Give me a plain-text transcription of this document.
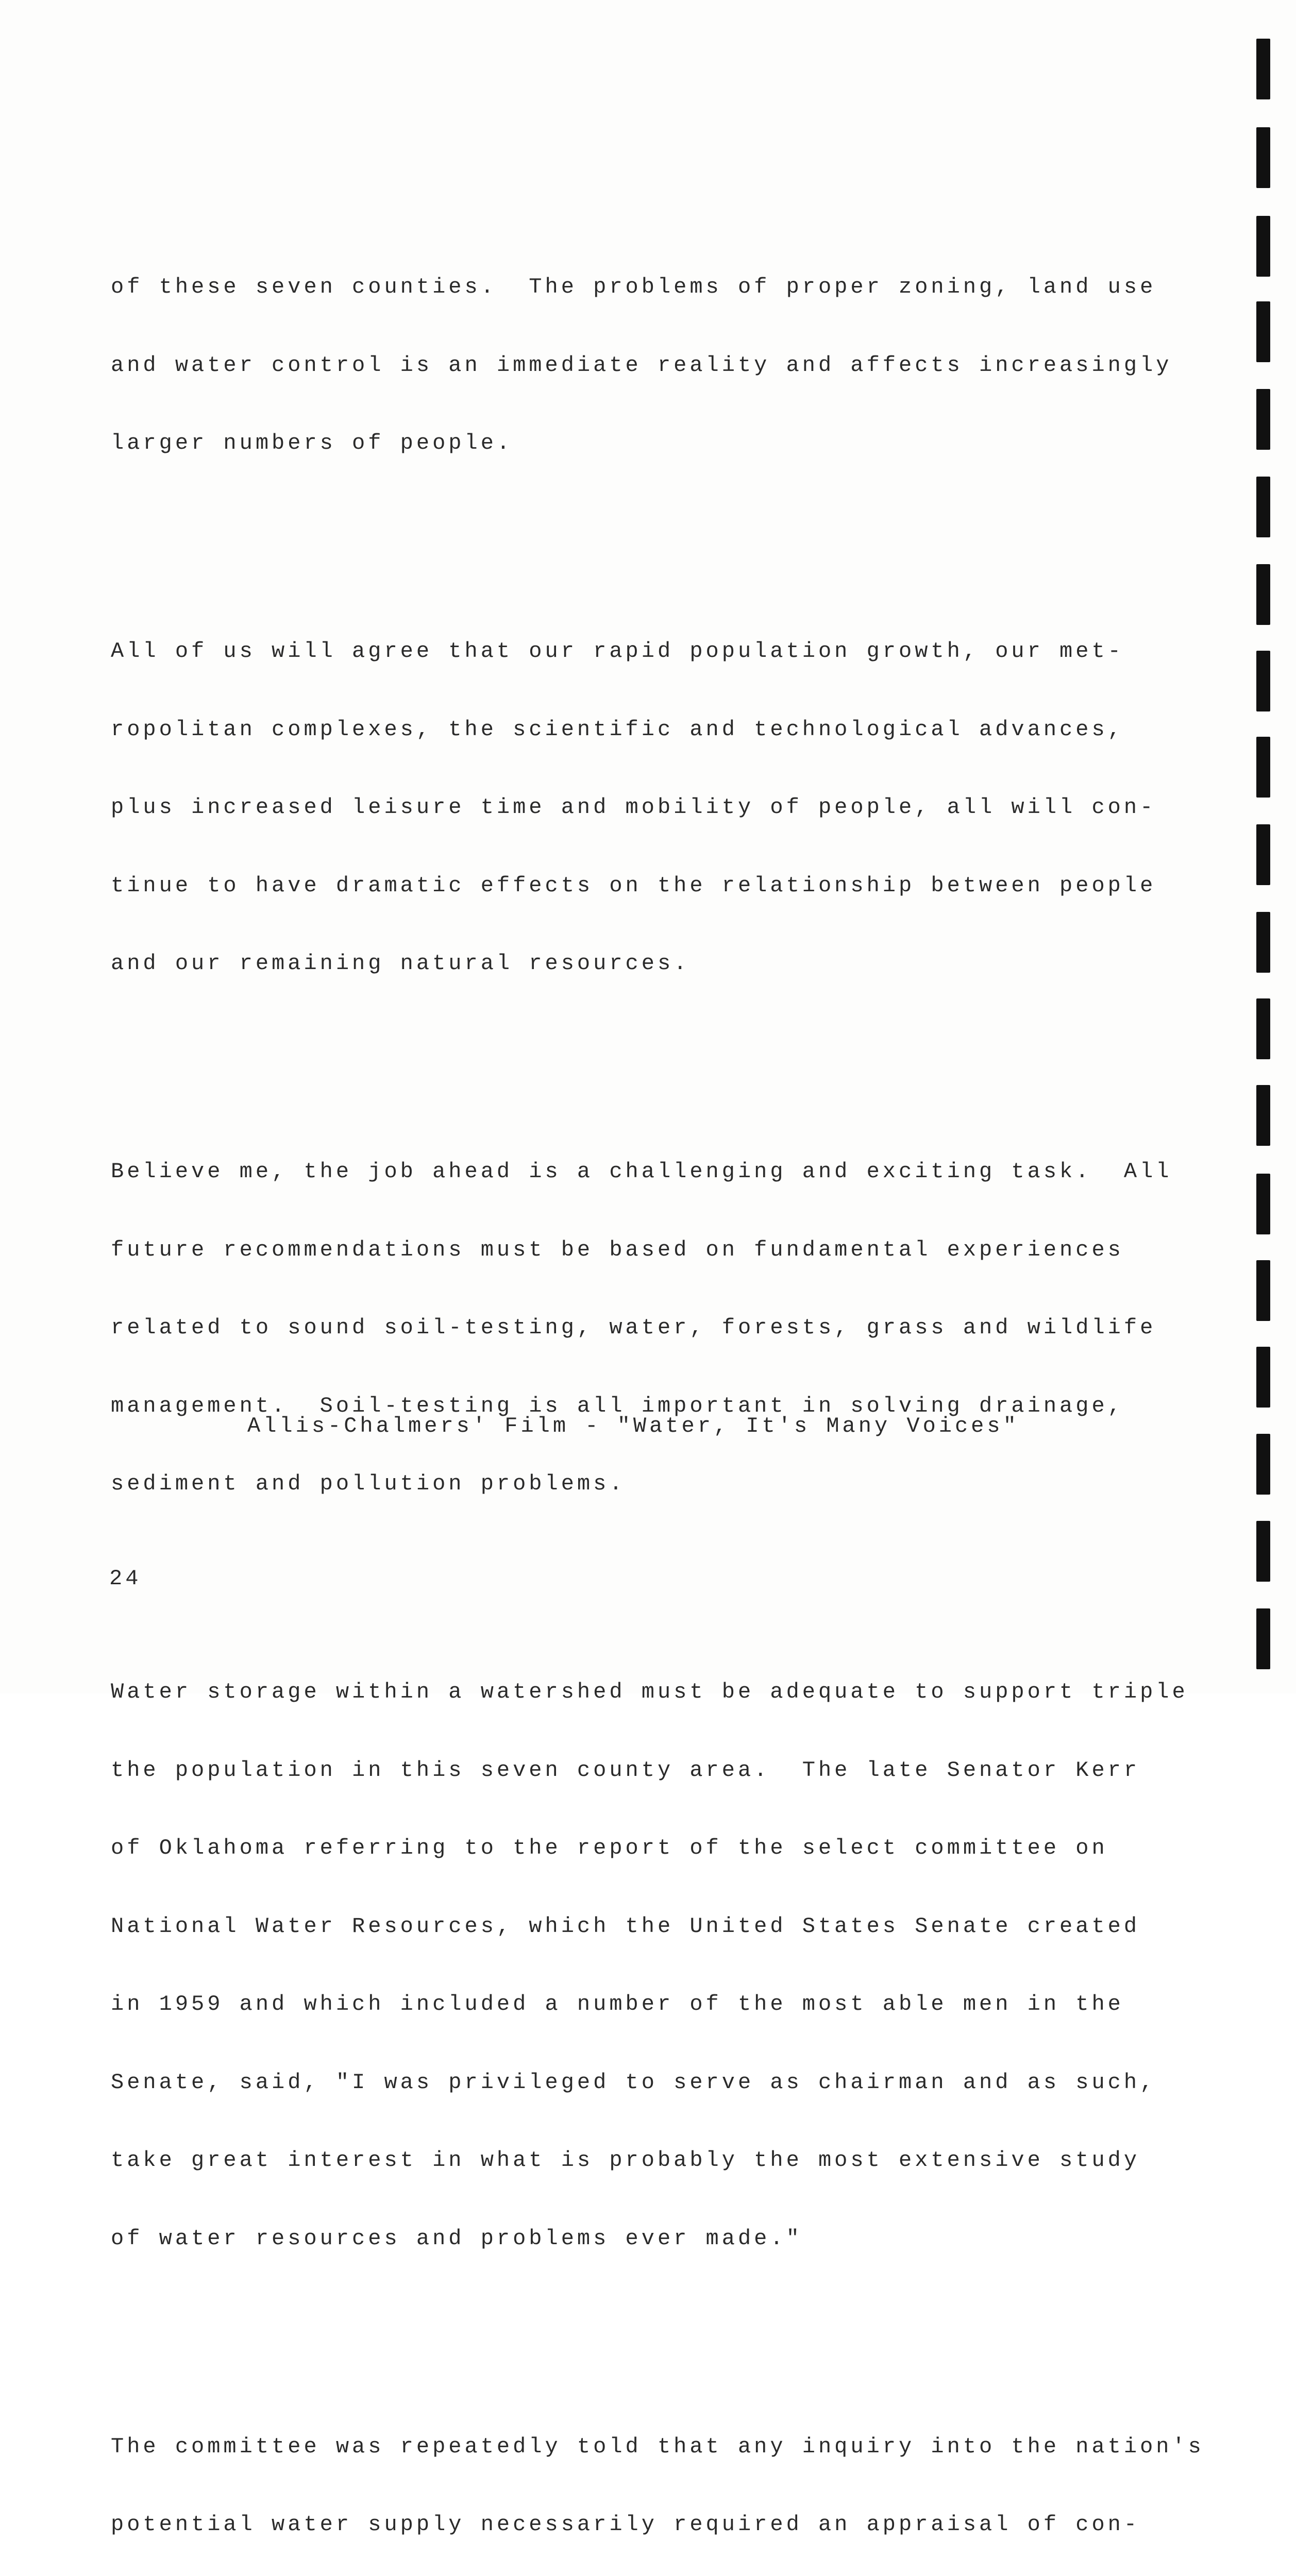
of these seven counties.  The problems of proper zoning, land use

and water control is an immediate reality and affects increasingly

larger numbers of people.

All of us will agree that our rapid population growth, our met-

ropolitan complexes, the scientific and technological advances,

plus increased leisure time and mobility of people, all will con-

tinue to have dramatic effects on the relationship between people

and our remaining natural resources.

Believe me, the job ahead is a challenging and exciting task.  All

future recommendations must be based on fundamental experiences

related to sound soil-testing, water, forests, grass and wildlife

management.  Soil-testing is all important in solving drainage,

sediment and pollution problems.

Water storage within a watershed must be adequate to support triple

the population in this seven county area.  The late Senator Kerr

of Oklahoma referring to the report of the select committee on

National Water Resources, which the United States Senate created

in 1959 and which included a number of the most able men in the

Senate, said, "I was privileged to serve as chairman and as such,

take great interest in what is probably the most extensive study

of water resources and problems ever made."

The committee was repeatedly told that any inquiry into the nation's

potential water supply necessarily required an appraisal of con-

Allis-Chalmers' Film - "Water, It's Many Voices"
24
